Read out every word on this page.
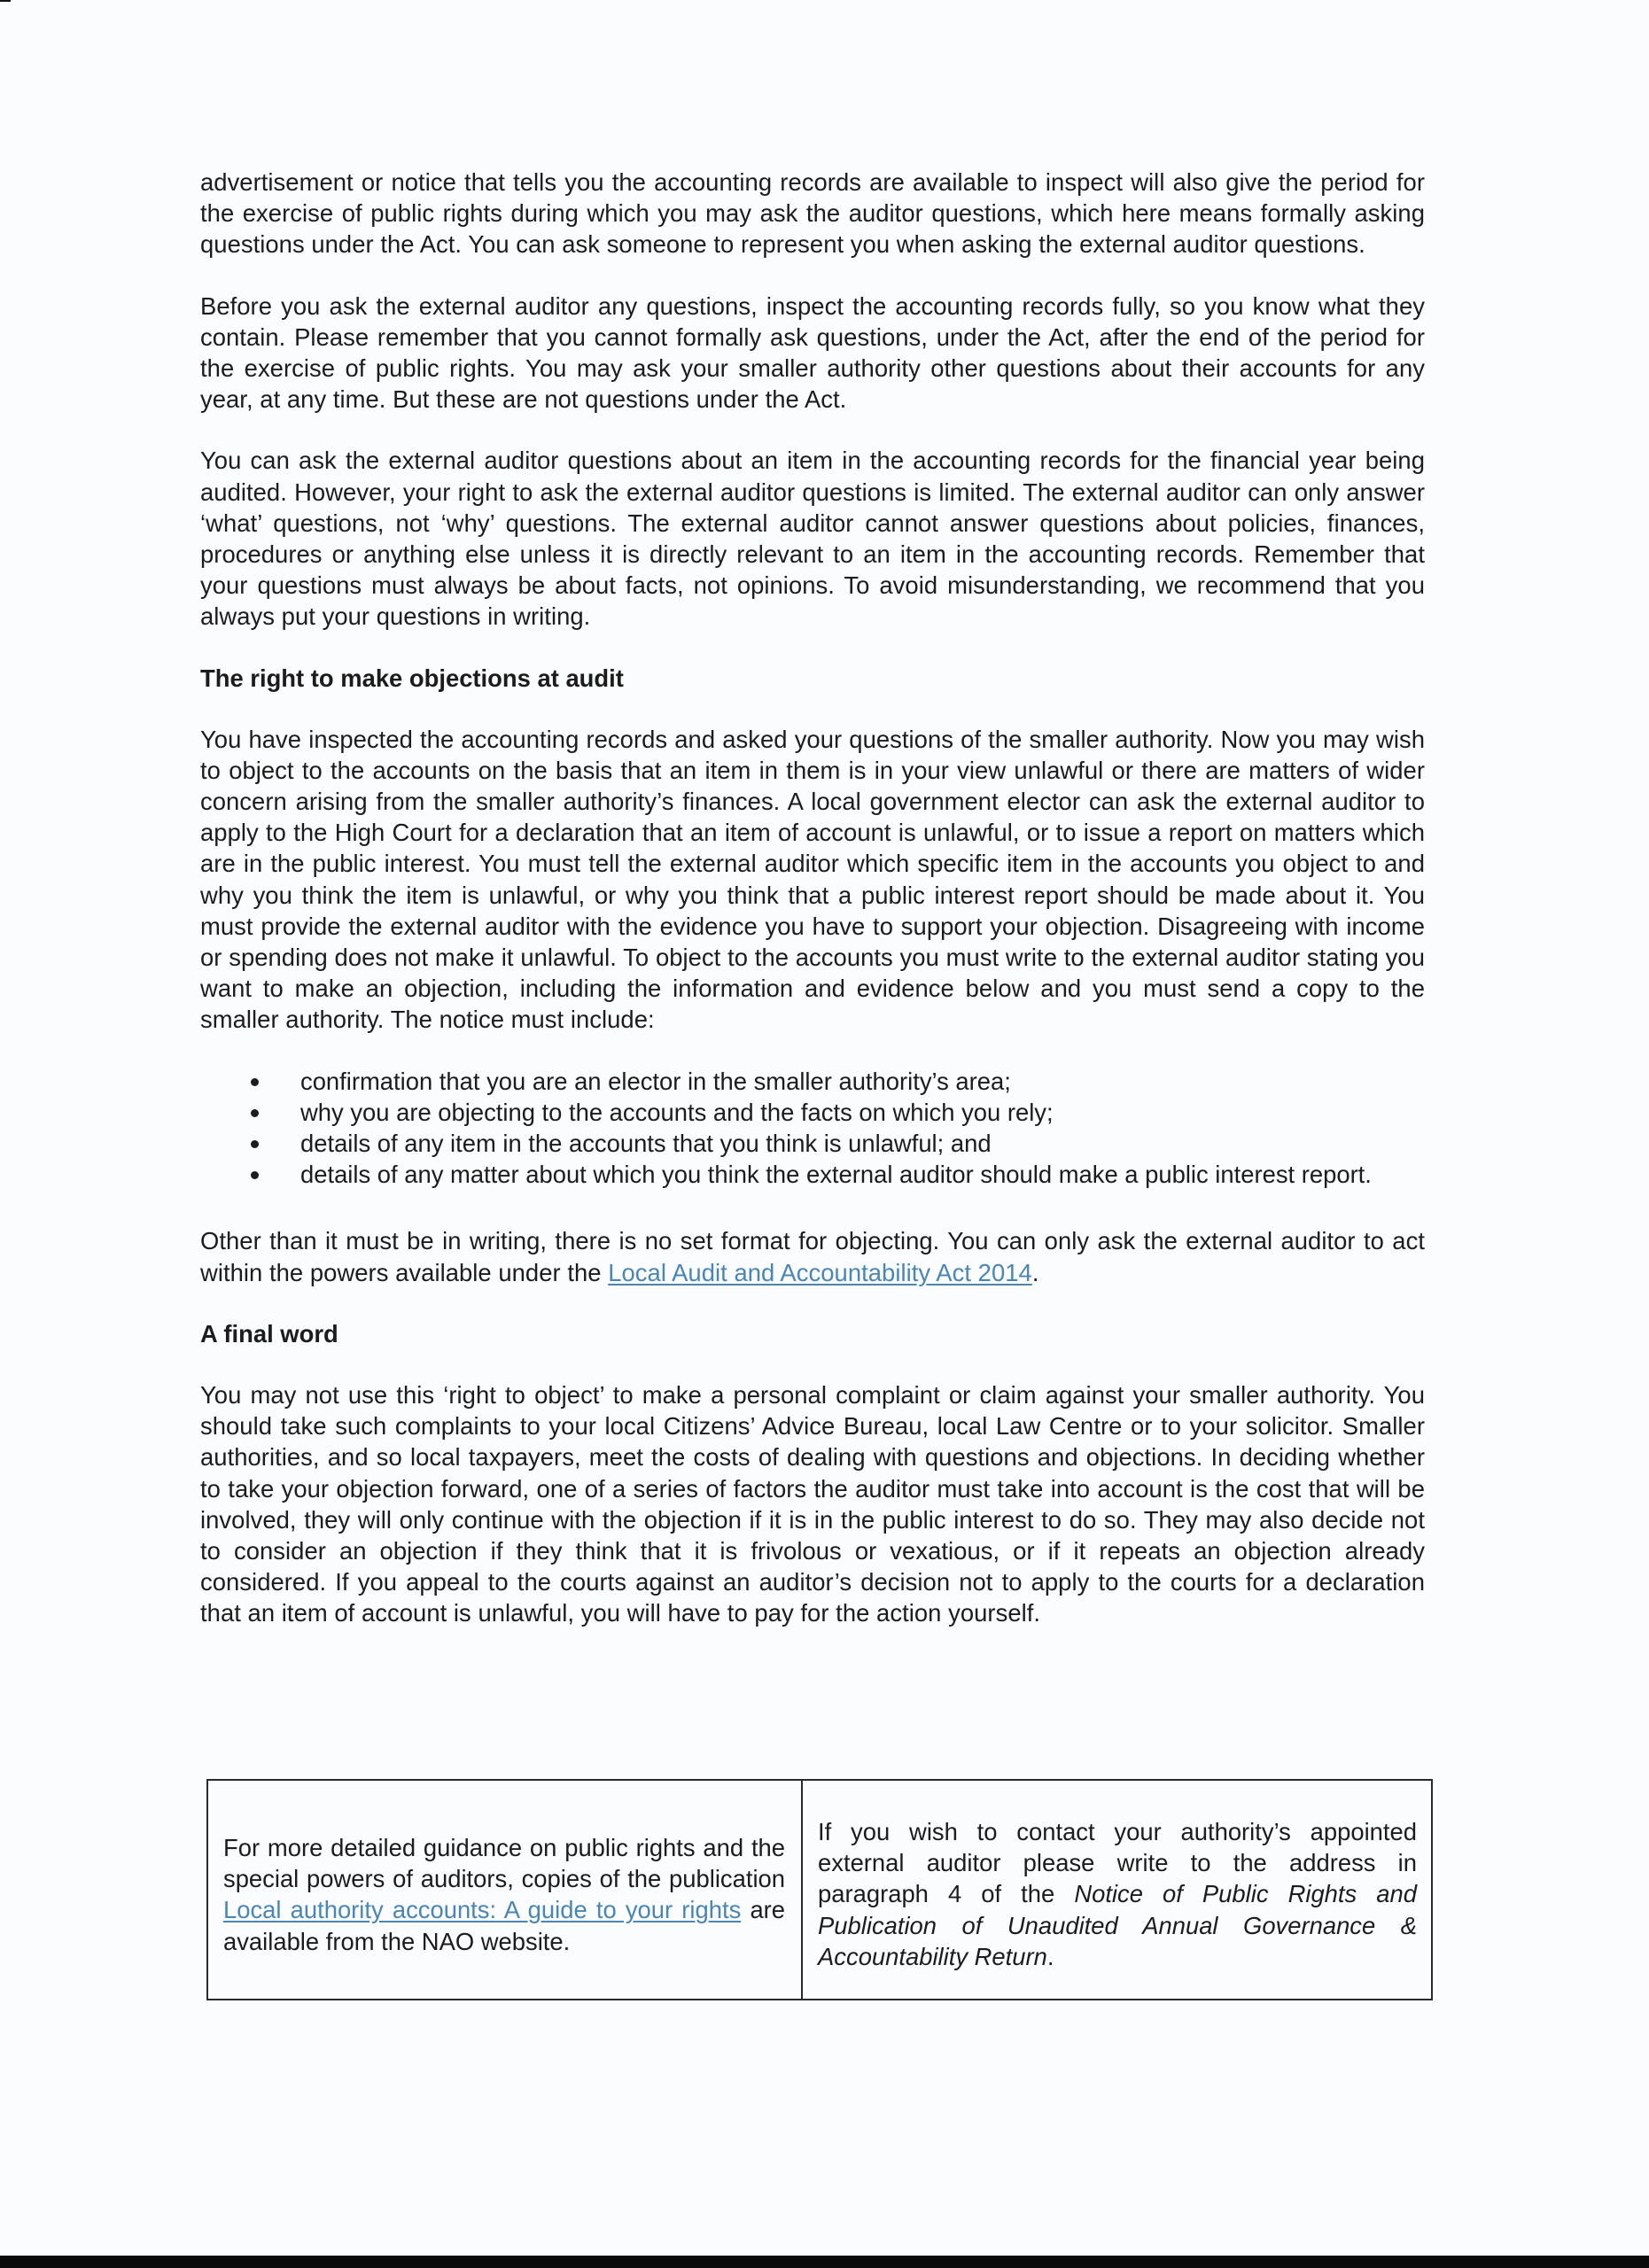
advertisement or notice that tells you the accounting records are available to inspect will also give the period for the exercise of public rights during which you may ask the auditor questions, which here means formally asking questions under the Act. You can ask someone to represent you when asking the external auditor questions.

Before you ask the external auditor any questions, inspect the accounting records fully, so you know what they contain. Please remember that you cannot formally ask questions, under the Act, after the end of the period for the exercise of public rights. You may ask your smaller authority other questions about their accounts for any year, at any time. But these are not questions under the Act.

You can ask the external auditor questions about an item in the accounting records for the financial year being audited. However, your right to ask the external auditor questions is limited. The external auditor can only answer ‘what’ questions, not ‘why’ questions. The external auditor cannot answer questions about policies, finances, procedures or anything else unless it is directly relevant to an item in the accounting records. Remember that your questions must always be about facts, not opinions. To avoid misunderstanding, we recommend that you always put your questions in writing.

The right to make objections at audit

You have inspected the accounting records and asked your questions of the smaller authority. Now you may wish to object to the accounts on the basis that an item in them is in your view unlawful or there are matters of wider concern arising from the smaller authority’s finances. A local government elector can ask the external auditor to apply to the High Court for a declaration that an item of account is unlawful, or to issue a report on matters which are in the public interest. You must tell the external auditor which specific item in the accounts you object to and why you think the item is unlawful, or why you think that a public interest report should be made about it. You must provide the external auditor with the evidence you have to support your objection. Disagreeing with income or spending does not make it unlawful. To object to the accounts you must write to the external auditor stating you want to make an objection, including the information and evidence below and you must send a copy to the smaller authority. The notice must include:

confirmation that you are an elector in the smaller authority’s area;
why you are objecting to the accounts and the facts on which you rely;
details of any item in the accounts that you think is unlawful; and
details of any matter about which you think the external auditor should make a public interest report.

Other than it must be in writing, there is no set format for objecting. You can only ask the external auditor to act within the powers available under the Local Audit and Accountability Act 2014.

A final word

You may not use this ‘right to object’ to make a personal complaint or claim against your smaller authority. You should take such complaints to your local Citizens’ Advice Bureau, local Law Centre or to your solicitor. Smaller authorities, and so local taxpayers, meet the costs of dealing with questions and objections. In deciding whether to take your objection forward, one of a series of factors the auditor must take into account is the cost that will be involved, they will only continue with the objection if it is in the public interest to do so. They may also decide not to consider an objection if they think that it is frivolous or vexatious, or if it repeats an objection already considered. If you appeal to the courts against an auditor’s decision not to apply to the courts for a declaration that an item of account is unlawful, you will have to pay for the action yourself.

For more detailed guidance on public rights and the special powers of auditors, copies of the publication Local authority accounts: A guide to your rights are available from the NAO website.
If you wish to contact your authority’s appointed external auditor please write to the address in paragraph 4 of the Notice of Public Rights and Publication of Unaudited Annual Governance & Accountability Return.
